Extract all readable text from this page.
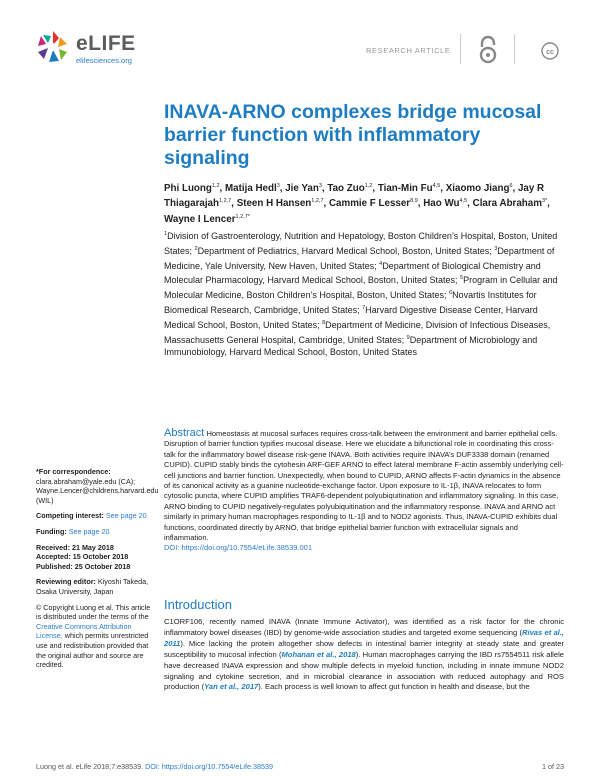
eLIFE
elifesciences.org
RESEARCH ARTICLE	cc
INAVA-ARNO complexes bridge mucosal barrier function with inflammatory signaling
Phi Luong$^{1,2}$, Matija Hedl$^3$, Jie Yan$^3$, Tao Zuo$^{1,2}$, Tian-Min Fu$^{4,5}$, Xiaomo Jiang$^6$, Jay R Thiagarajah$^{1,2,7}$, Steen H Hansen$^{1,2,7}$, Cammie F Lesser$^{8,9}$, Hao Wu$^{4,5}$, Clara Abraham$^{3*}$, Wayne I Lencer$^{1,2,7*}$
$^1$Division of Gastroenterology, Nutrition and Hepatology, Boston Children’s Hospital, Boston, United States; $^2$Department of Pediatrics, Harvard Medical School, Boston, United States; $^3$Department of Medicine, Yale University, New Haven, United States; $^4$Department of Biological Chemistry and Molecular Pharmacology, Harvard Medical School, Boston, United States; $^5$Program in Cellular and Molecular Medicine, Boston Children’s Hospital, Boston, United States; $^6$Novartis Institutes for Biomedical Research, Cambridge, United States; $^7$Harvard Digestive Disease Center, Harvard Medical School, Boston, United States; $^8$Department of Medicine, Division of Infectious Diseases, Massachusetts General Hospital, Cambridge, United States; $^9$Department of Microbiology and Immunobiology, Harvard Medical School, Boston, United States
Abstract Homeostasis at mucosal surfaces requires cross-talk between the environment and barrier epithelial cells. Disruption of barrier function typifies mucosal disease. Here we elucidate a bifunctional role in coordinating this cross-talk for the inflammatory bowel disease risk-gene INAVA. Both activities require INAVA’s DUF3338 domain (renamed CUPID). CUPID stably binds the cytohesin ARF-GEF ARNO to effect lateral membrane F-actin assembly underlying cell-cell junctions and barrier function. Unexpectedly, when bound to CUPID, ARNO affects F-actin dynamics in the absence of its canonical activity as a guanine nucleotide-exchange factor. Upon exposure to IL-1β, INAVA relocates to form cytosolic puncta, where CUPID amplifies TRAF6-dependent polyubiquitination and inflammatory signaling. In this case, ARNO binding to CUPID negatively-regulates polyubiquitination and the inflammatory response. INAVA and ARNO act similarly in primary human macrophages responding to IL-1β and to NOD2 agonists. Thus, INAVA-CUPID exhibits dual functions, coordinated directly by ARNO, that bridge epithelial barrier function with extracellular signals and inflammation.
DOI: https://doi.org/10.7554/eLife.38539.001
*For correspondence:
clara.abraham@yale.edu (CA); Wayne.Lencer@childrens.harvard.edu (WIL)
Competing interest: See page 20
Funding: See page 20
Received: 21 May 2018
Accepted: 15 October 2018
Published: 25 October 2018
Reviewing editor: Kiyoshi Takeda, Osaka University, Japan
© Copyright Luong et al. This article is distributed under the terms of the Creative Commons Attribution License, which permits unrestricted use and redistribution provided that the original author and source are credited.
Introduction

C1ORF106, recently named INAVA (Innate Immune Activator), was identified as a risk factor for the chronic inflammatory bowel diseases (IBD) by genome-wide association studies and targeted exome sequencing (Rivas et al., 2011). Mice lacking the protein altogether show defects in intestinal barrier integrity at steady state and greater susceptibility to mucosal infection (Mohanan et al., 2018). Human macrophages carrying the IBD rs7554511 risk allele have decreased INAVA expression and show multiple defects in myeloid function, including in innate immune NOD2 signaling and cytokine secretion, and in microbial clearance in association with reduced autophagy and ROS production (Yan et al., 2017). Each process is well known to affect gut function in health and disease, but the

Luong et al. eLife 2018;7:e38539. DOI: https://doi.org/10.7554/eLife.38539	1 of 23
